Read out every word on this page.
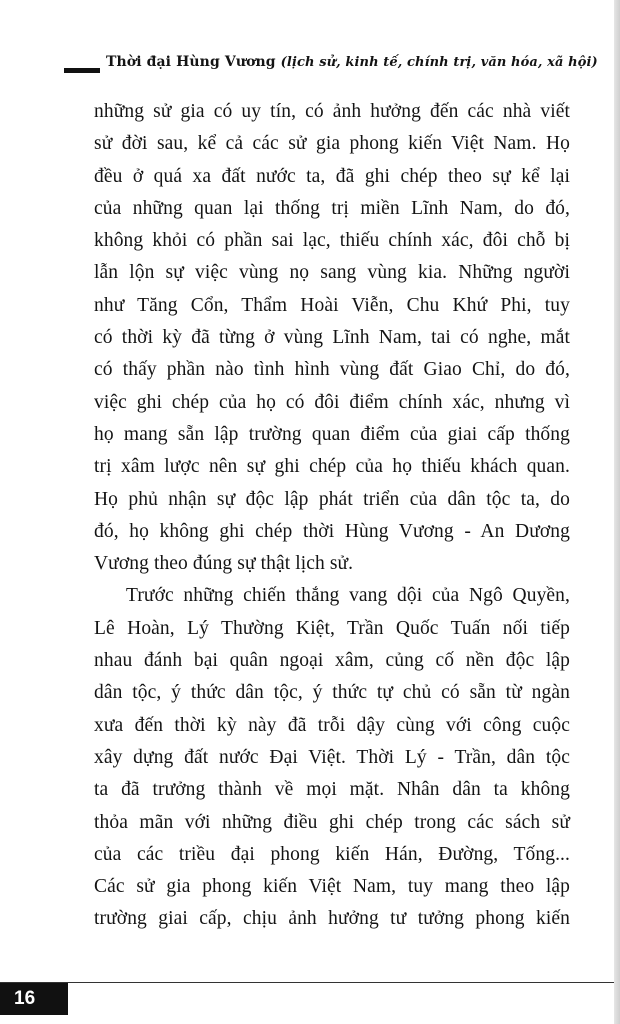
Thời đại Hùng Vương (lịch sử, kinh tế, chính trị, văn hóa, xã hội)
những sử gia có uy tín, có ảnh hưởng đến các nhà viết
sử đời sau, kể cả các sử gia phong kiến Việt Nam. Họ
đều ở quá xa đất nước ta, đã ghi chép theo sự kể lại
của những quan lại thống trị miền Lĩnh Nam, do đó,
không khỏi có phần sai lạc, thiếu chính xác, đôi chỗ bị
lẫn lộn sự việc vùng nọ sang vùng kia. Những người
như Tăng Cổn, Thẩm Hoài Viễn, Chu Khứ Phi, tuy
có thời kỳ đã từng ở vùng Lĩnh Nam, tai có nghe, mắt
có thấy phần nào tình hình vùng đất Giao Chỉ, do đó,
việc ghi chép của họ có đôi điểm chính xác, nhưng vì
họ mang sẵn lập trường quan điểm của giai cấp thống
trị xâm lược nên sự ghi chép của họ thiếu khách quan.
Họ phủ nhận sự độc lập phát triển của dân tộc ta, do
đó, họ không ghi chép thời Hùng Vương - An Dương
Vương theo đúng sự thật lịch sử.
Trước những chiến thắng vang dội của Ngô Quyền,
Lê Hoàn, Lý Thường Kiệt, Trần Quốc Tuấn nối tiếp
nhau đánh bại quân ngoại xâm, củng cố nền độc lập
dân tộc, ý thức dân tộc, ý thức tự chủ có sẵn từ ngàn
xưa đến thời kỳ này đã trỗi dậy cùng với công cuộc
xây dựng đất nước Đại Việt. Thời Lý - Trần, dân tộc
ta đã trưởng thành về mọi mặt. Nhân dân ta không
thỏa mãn với những điều ghi chép trong các sách sử
của các triều đại phong kiến Hán, Đường, Tống...
Các sử gia phong kiến Việt Nam, tuy mang theo lập
trường giai cấp, chịu ảnh hưởng tư tưởng phong kiến
16
